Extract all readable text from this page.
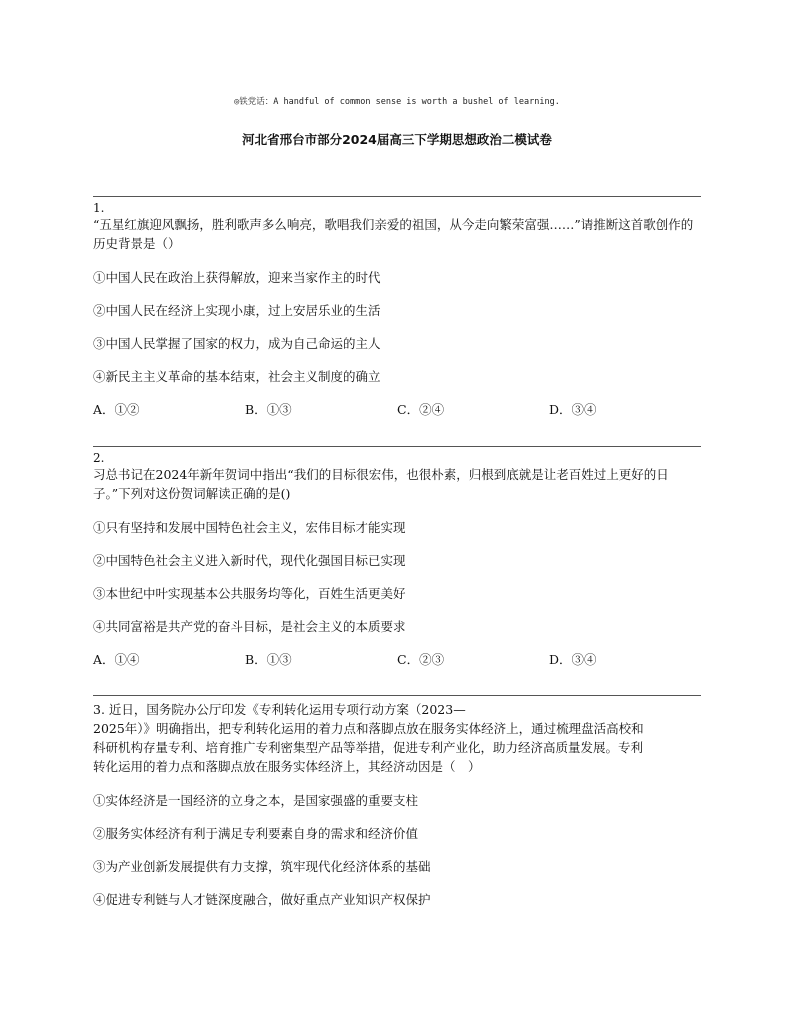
◎铁党话：A handful of common sense is worth a bushel of learning.
河北省邢台市部分2024届高三下学期思想政治二模试卷
1.

“五星红旗迎风飘扬，胜利歌声多么响亮，歌唱我们亲爱的祖国，从今走向繁荣富强……”请推断这首歌创作的历史背景是（）

①中国人民在政治上获得解放，迎来当家作主的时代
②中国人民在经济上实现小康，过上安居乐业的生活
③中国人民掌握了国家的权力，成为自己命运的主人
④新民主主义革命的基本结束，社会主义制度的确立
A．①②	B．①③	C．②④	D．③④
2.

习总书记在2024年新年贺词中指出“我们的目标很宏伟，也很朴素，归根到底就是让老百姓过上更好的日子。”下列对这份贺词解读正确的是()

①只有坚持和发展中国特色社会主义，宏伟目标才能实现
②中国特色社会主义进入新时代，现代化强国目标已实现
③本世纪中叶实现基本公共服务均等化，百姓生活更美好
④共同富裕是共产党的奋斗目标，是社会主义的本质要求
A．①④	B．①③	C．②③	D．③④
3. 近日，国务院办公厅印发《专利转化运用专项行动方案（2023—
2025年）》明确指出，把专利转化运用的着力点和落脚点放在服务实体经济上，通过梳理盘活高校和
科研机构存量专利、培育推广专利密集型产品等举措，促进专利产业化，助力经济高质量发展。专利
转化运用的着力点和落脚点放在服务实体经济上，其经济动因是（　）
①实体经济是一国经济的立身之本，是国家强盛的重要支柱
②服务实体经济有利于满足专利要素自身的需求和经济价值
③为产业创新发展提供有力支撑，筑牢现代化经济体系的基础
④促进专利链与人才链深度融合，做好重点产业知识产权保护
